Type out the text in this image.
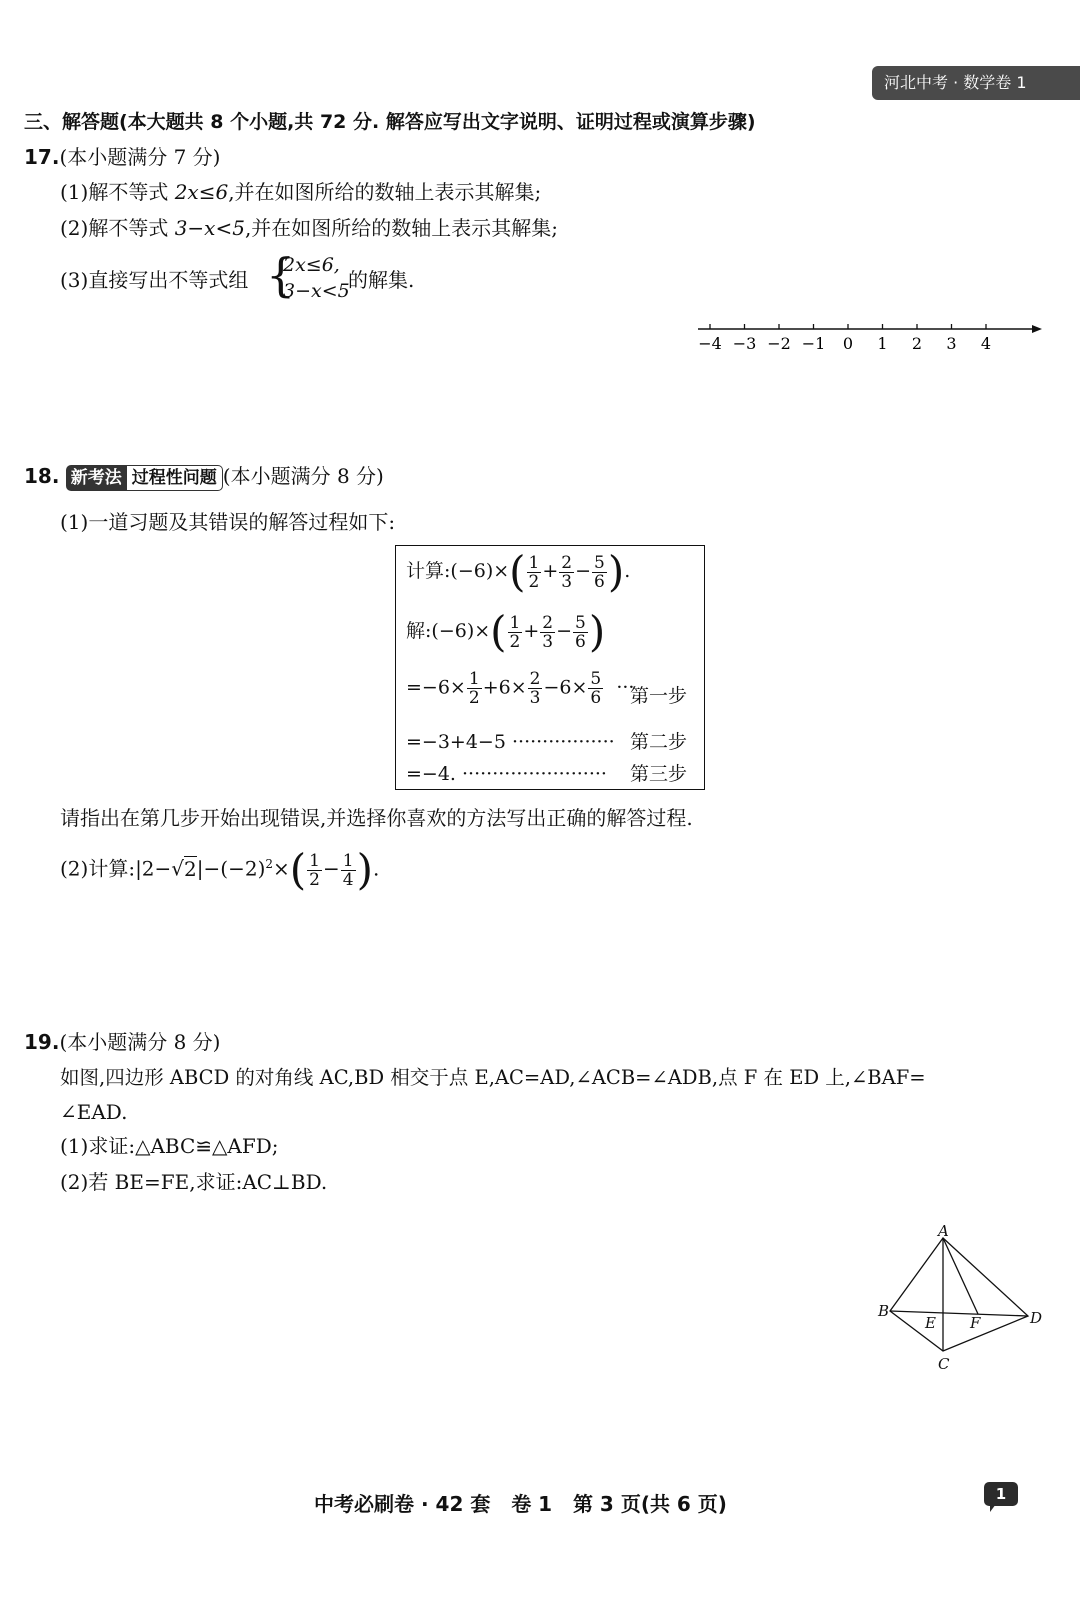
河北中考 · 数学卷 1
三、解答题(本大题共 8 个小题,共 72 分. 解答应写出文字说明、证明过程或演算步骤)
17.(本小题满分 7 分)
(1)解不等式 2x≤6,并在如图所给的数轴上表示其解集;
(2)解不等式 3−x<5,并在如图所给的数轴上表示其解集;
(3)直接写出不等式组 {
2x≤6,
3−x<5
的解集.
−4 −3 −2 −1 0 1 2 3 4
18. 新考法 过程性问题 (本小题满分 8 分)
(1)一道习题及其错误的解答过程如下:
计算:(−6)×( $\frac{1}{2} + \frac{2}{3} - \frac{5}{6}$ ).
解:(−6)×( $\frac{1}{2} + \frac{2}{3} - \frac{5}{6}$ )
$=-6\times \frac{1}{2} +6\times \frac{2}{3} -6\times \frac{5}{6}$ ···
第一步
=−3+4−5 ················· 第二步
=−4. ························ 第三步
请指出在第几步开始出现错误,并选择你喜欢的方法写出正确的解答过程.
(2)计算$:|2-√2|-(-2)^2\times( \frac{1}{2} - \frac{1}{4}$ ).
19.(本小题满分 8 分)
如图,四边形 ABCD 的对角线 AC,BD 相交于点 E,AC=AD,∠ACB=∠ADB,点 F 在 ED 上,∠BAF=
∠EAD.
(1)求证:△ABC≌△AFD;
(2)若 BE=FE,求证:AC⊥BD.
A
B
C
D
E F
中考必刷卷 · 42 套   卷 1   第 3 页(共 6 页)	1
